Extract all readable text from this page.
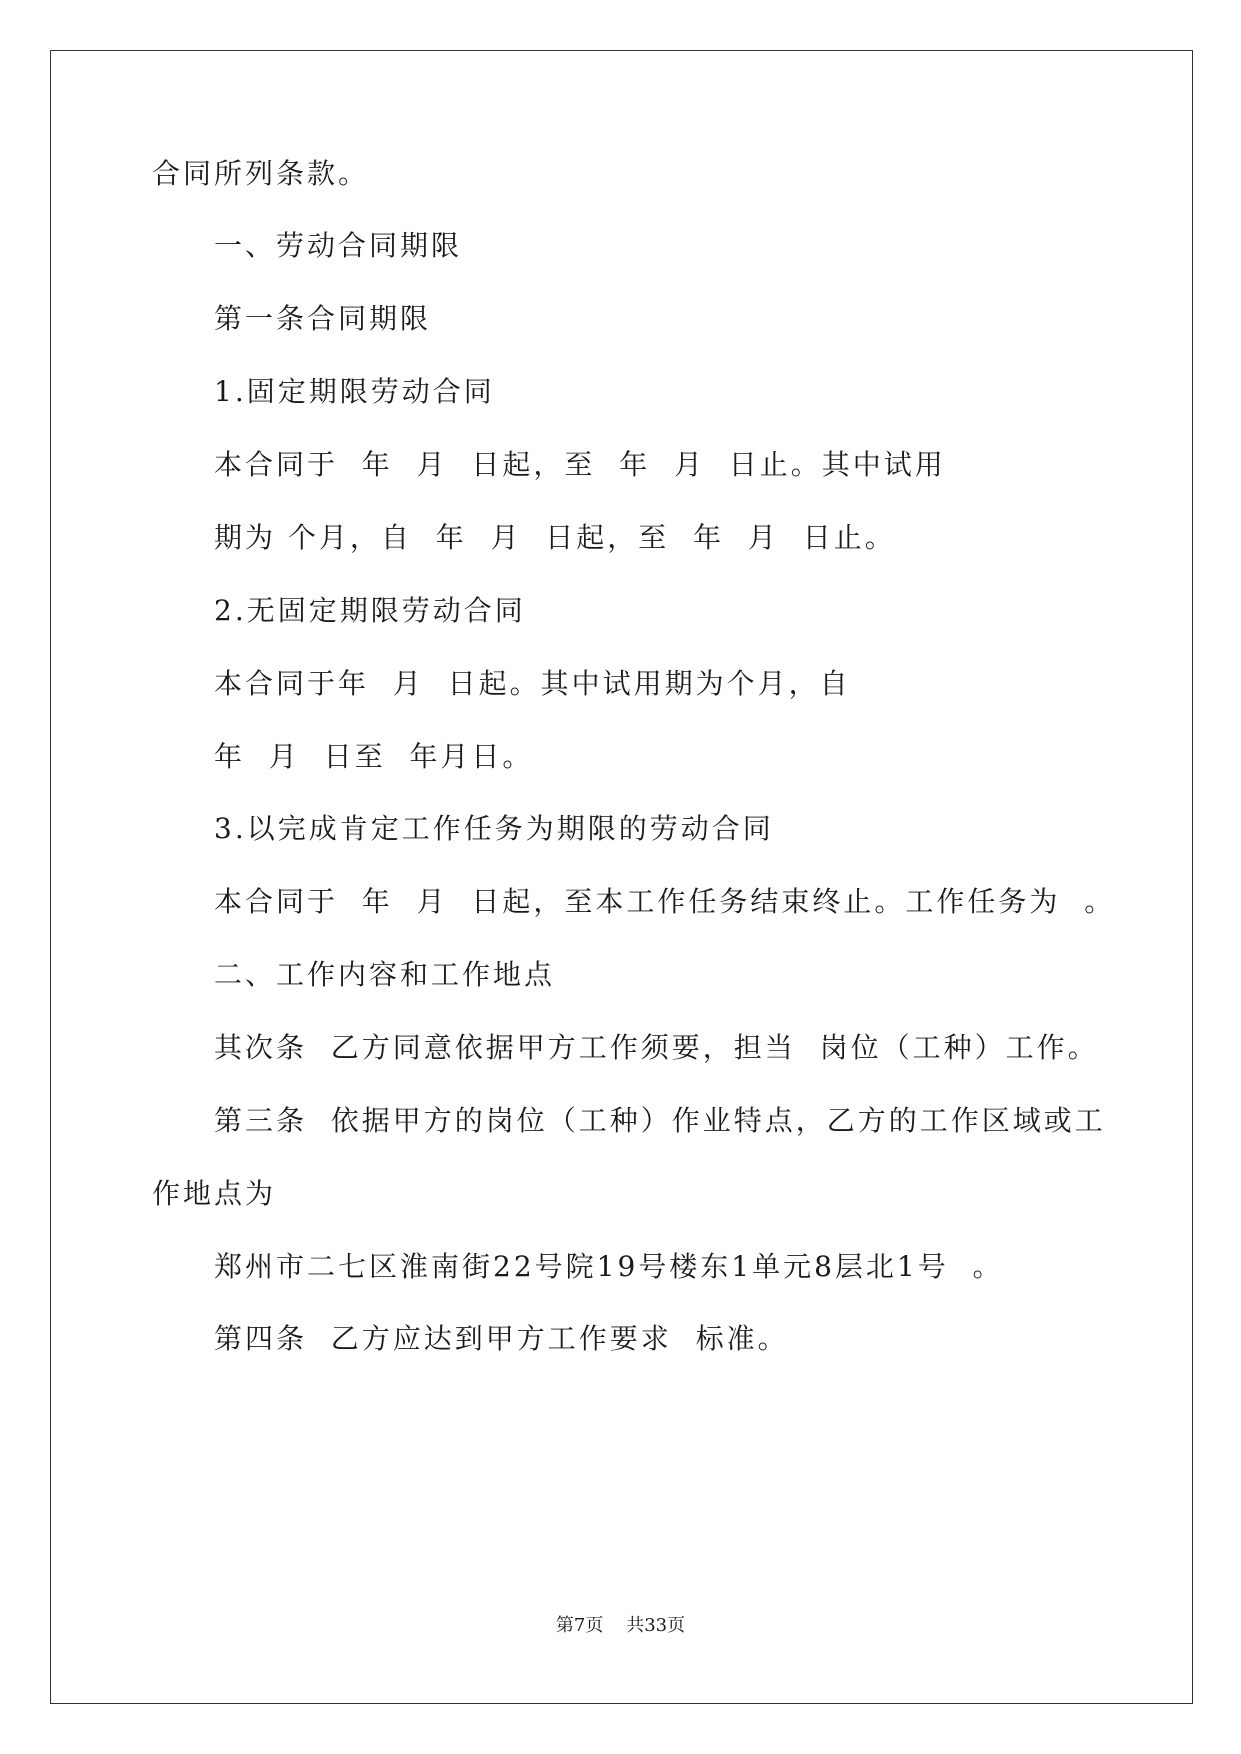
合同所列条款。
一、劳动合同期限
第一条合同期限
1.固定期限劳动合同
本合同于  年  月  日起，至  年  月  日止。其中试用
期为 个月，自  年  月  日起，至  年  月  日止。
2.无固定期限劳动合同
本合同于年  月  日起。其中试用期为个月，自
年  月  日至  年月日。
3.以完成肯定工作任务为期限的劳动合同
本合同于  年  月  日起，至本工作任务结束终止。工作任务为  。
二、工作内容和工作地点
其次条  乙方同意依据甲方工作须要，担当  岗位（工种）工作。
第三条  依据甲方的岗位（工种）作业特点，乙方的工作区域或工
作地点为
郑州市二七区淮南街22号院19号楼东1单元8层北1号  。
第四条  乙方应达到甲方工作要求  标准。
第7页    共33页
